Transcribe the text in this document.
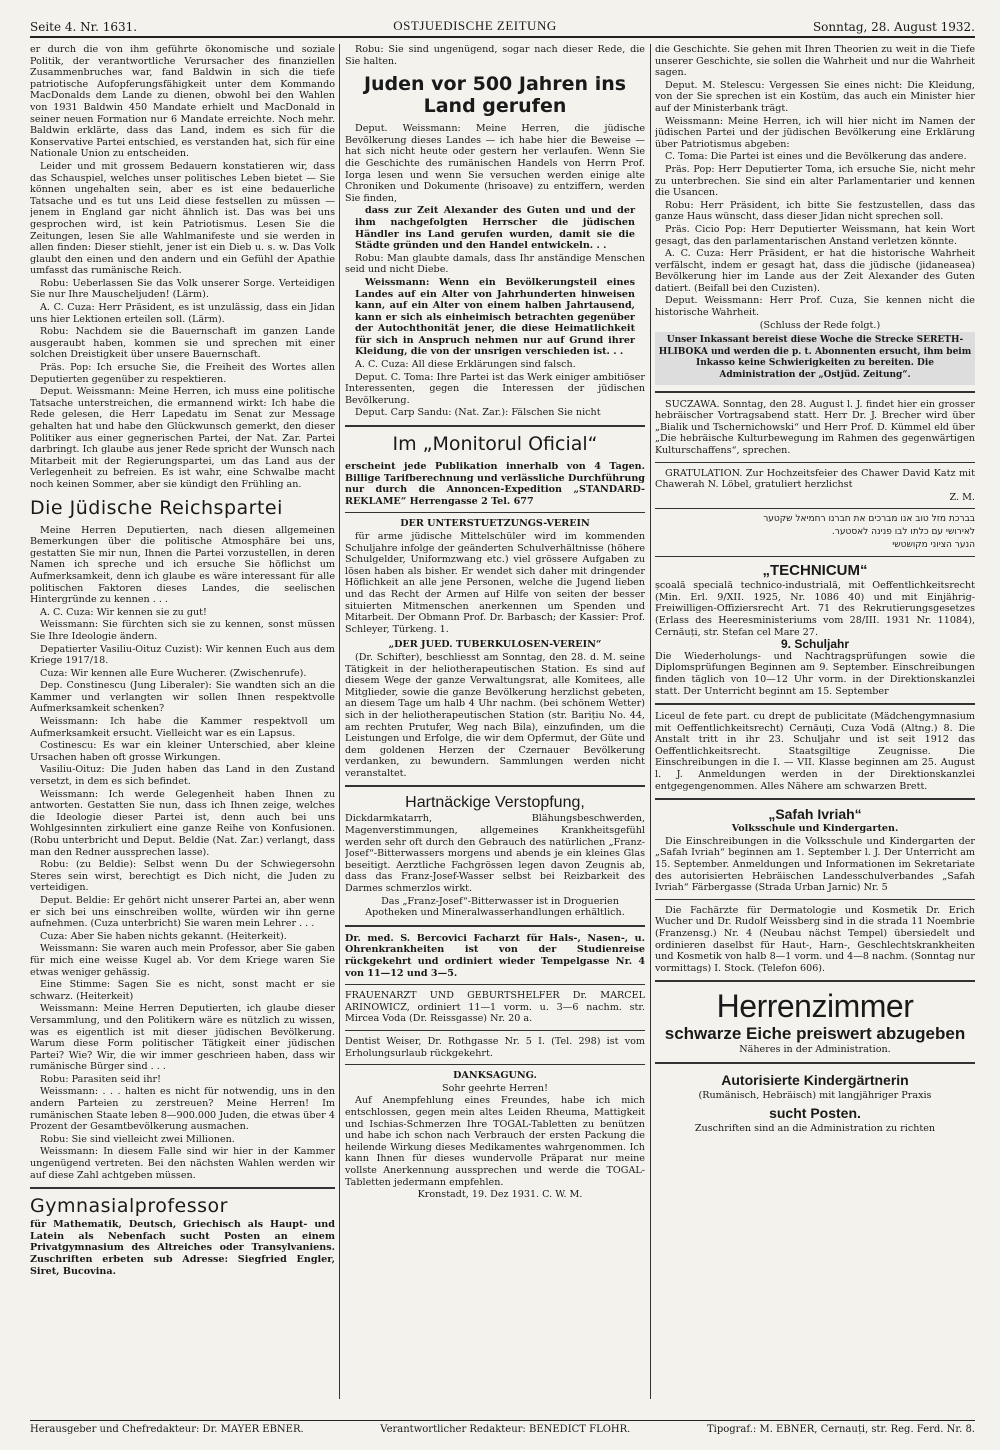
Seite 4. Nr. 1631.	OSTJUEDISCHE ZEITUNG	Sonntag, 28. August 1932.

er durch die von ihm geführte ökonomische und soziale Politik, der verantwortliche Verursacher des finanziellen Zusammenbruches war, fand Baldwin in sich die tiefe patriotische Aufopferungsfähigkeit unter dem Kommando MacDonalds dem Lande zu dienen, obwohl bei den Wahlen von 1931 Baldwin 450 Mandate erhielt und MacDonald in seiner neuen Formation nur 6 Mandate erreichte. Noch mehr. Baldwin erklärte, dass das Land, indem es sich für die Konservative Partei entschied, es verstanden hat, sich für eine Nationale Union zu entscheiden.

Leider und mit grossem Bedauern konstatieren wir, dass das Schauspiel, welches unser politisches Leben bietet — Sie können ungehalten sein, aber es ist eine bedauerliche Tatsache und es tut uns Leid diese festsellen zu müssen — jenem in England gar nicht ähnlich ist. Das was bei uns gesprochen wird, ist kein Patriotismus. Lesen Sie die Zeitungen, lesen Sie alle Wahlmanifeste und sie werden in allen finden: Dieser stiehlt, jener ist ein Dieb u. s. w. Das Volk glaubt den einen und den andern und ein Gefühl der Apathie umfasst das rumänische Reich.

Robu: Ueberlassen Sie das Volk unserer Sorge. Verteidigen Sie nur Ihre Mauscheljuden! (Lärm).

A. C. Cuza: Herr Präsident, es ist unzulässig, dass ein Jidan uns hier Lektionen erteilen soll. (Lärm).

Robu: Nachdem sie die Bauernschaft im ganzen Lande ausgeraubt haben, kommen sie und sprechen mit einer solchen Dreistigkeit über unsere Bauernschaft.

Präs. Pop: Ich ersuche Sie, die Freiheit des Wortes allen Deputierten gegenüber zu respektieren.

Deput. Weissmann: Meine Herren, ich muss eine politische Tatsache unterstreichen, die ermannend wirkt: Ich habe die Rede gelesen, die Herr Lapedatu im Senat zur Message gehalten hat und habe den Glückwunsch gemerkt, den dieser Politiker aus einer gegnerischen Partei, der Nat. Zar. Partei darbringt. Ich glaube aus jener Rede spricht der Wunsch nach Mitarbeit mit der Regierungspartei, um das Land aus der Verlegenheit zu befreien. Es ist wahr, eine Schwalbe macht noch keinen Sommer, aber sie kündigt den Frühling an.

Die Jüdische Reichspartei

Meine Herren Deputierten, nach diesen allgemeinen Bemerkungen über die politische Atmosphäre bei uns, gestatten Sie mir nun, Ihnen die Partei vorzustellen, in deren Namen ich spreche und ich ersuche Sie höflichst um Aufmerksamkeit, denn ich glaube es wäre interessant für alle politischen Faktoren dieses Landes, die seelischen Hintergründe zu kennen . . .

A. C. Cuza: Wir kennen sie zu gut!

Weissmann: Sie fürchten sich sie zu kennen, sonst müssen Sie Ihre Ideologie ändern.

Depatierter Vasiliu-Oituz Cuzist): Wir kennen Euch aus dem Kriege 1917/18.

Cuza: Wir kennen alle Eure Wucherer. (Zwischenrufe).

Dep. Constinescu (Jung Liberaler): Sie wandten sich an die Kammer und verlangten wir sollen Ihnen respektvolle Aufmerksamkeit schenken?

Weissmann: Ich habe die Kammer respektvoll um Aufmerksamkeit ersucht. Vielleicht war es ein Lapsus.

Costinescu: Es war ein kleiner Unterschied, aber kleine Ursachen haben oft grosse Wirkungen.

Vasiliu-Oituz: Die Juden haben das Land in den Zustand versetzt, in dem es sich befindet.

Weissmann: Ich werde Gelegenheit haben Ihnen zu antworten. Gestatten Sie nun, dass ich Ihnen zeige, welches die Ideologie dieser Partei ist, denn auch bei uns Wohlgesinnten zirkuliert eine ganze Reihe von Konfusionen. (Robu unterbricht und Deput. Beldie (Nat. Zar.) verlangt, dass man den Redner aussprechen lasse).

Robu: (zu Beldie): Selbst wenn Du der Schwiegersohn Steres sein wirst, berechtigt es Dich nicht, die Juden zu verteidigen.

Deput. Beldie: Er gehört nicht unserer Partei an, aber wenn er sich bei uns einschreiben wollte, würden wir ihn gerne aufnehmen. (Cuza unterbricht) Sie waren mein Lehrer . . .

Cuza: Aber Sie haben nichts gekannt. (Heiterkeit).

Weissmann: Sie waren auch mein Professor, aber Sie gaben für mich eine weisse Kugel ab. Vor dem Kriege waren Sie etwas weniger gehässig.

Eine Stimme: Sagen Sie es nicht, sonst macht er sie schwarz. (Heiterkeit)

Weissmann: Meine Herren Deputierten, ich glaube dieser Versammlung, und den Politikern wäre es nützlich zu wissen, was es eigentlich ist mit dieser jüdischen Bevölkerung. Warum diese Form politischer Tätigkeit einer jüdischen Partei? Wie? Wir, die wir immer geschrieen haben, dass wir rumänische Bürger sind . . .

Robu: Parasiten seid ihr!

Weissmann: . . . halten es nicht für notwendig, uns in den andern Parteien zu zerstreuen? Meine Herren! Im rumänischen Staate leben 8—900.000 Juden, die etwas über 4 Prozent der Gesamtbevölkerung ausmachen.

Robu: Sie sind vielleicht zwei Millionen.

Weissmann: In diesem Falle sind wir hier in der Kammer ungenügend vertreten. Bei den nächsten Wahlen werden wir auf diese Zahl achtgeben müssen.

Gymnasialprofessor

für Mathematik, Deutsch, Griechisch als Haupt- und Latein als Nebenfach sucht Posten an einem Privatgymnasium des Altreiches oder Transylvaniens. Zuschriften erbeten sub Adresse: Siegfried Engler, Siret, Bucovina.

Robu: Sie sind ungenügend, sogar nach dieser Rede, die Sie halten.

Juden vor 500 Jahren ins Land gerufen

Deput. Weissmann: Meine Herren, die jüdische Bevölkerung dieses Landes — ich habe hier die Beweise — hat sich nicht heute oder gestern her verlaufen. Wenn Sie die Geschichte des rumänischen Handels von Herrn Prof. Iorga lesen und wenn Sie versuchen werden einige alte Chroniken und Dokumente (hrisoave) zu entziffern, werden Sie finden,

dass zur Zeit Alexander des Guten und und der ihm nachgefolgten Herrscher die jüdischen Händler ins Land gerufen wurden, damit sie die Städte gründen und den Handel entwickeln. . .

Robu: Man glaubte damals, dass Ihr anständige Menschen seid und nicht Diebe.

Weissmann: Wenn ein Bevölkerungsteil eines Landes auf ein Alter von Jahrhunderten hinweisen kann, auf ein Alter von einem halben Jahrtausend, kann er sich als einheimisch betrachten gegenüber der Autochthonität jener, die diese Heimatlichkeit für sich in Anspruch nehmen nur auf Grund ihrer Kleidung, die von der unsrigen verschieden ist. . .

A. C. Cuza: All diese Erklärungen sind falsch.

Deput. C. Toma: Ihre Partei ist das Werk einiger ambitiöser Interessenten, gegen die Interessen der jüdischen Bevölkerung.

Deput. Carp Sandu: (Nat. Zar.): Fälschen Sie nicht

Im „Monitorul Oficial“

erscheint jede Publikation innerhalb von 4 Tagen. Billige Tarifberechnung und verlässliche Durchführung nur durch die Annoncen-Expedition „STANDARD-REKLAME“ Herrengasse 2 Tel. 677

DER UNTERSTUETZUNGS-VEREIN

für arme jüdische Mittelschüler wird im kommenden Schuljahre infolge der geänderten Schulverhältnisse (höhere Schulgelder, Uniformzwang etc.) viel grössere Aufgaben zu lösen haben als bisher. Er wendet sich daher mit dringender Höflichkeit an alle jene Personen, welche die Jugend lieben und das Recht der Armen auf Hilfe von seiten der besser situierten Mitmenschen anerkennen um Spenden und Mitarbeit. Der Obmann Prof. Dr. Barbasch; der Kassier: Prof. Schleyer, Türkeng. 1.

„DER JUED. TUBERKULOSEN-VEREIN“

(Dr. Schifter), beschliesst am Sonntag, den 28. d. M. seine Tätigkeit in der heliotherapeutischen Station. Es sind auf diesem Wege der ganze Verwaltungsrat, alle Komitees, alle Mitglieder, sowie die ganze Bevölkerung herzlichst gebeten, an diesem Tage um halb 4 Uhr nachm. (bei schönem Wetter) sich in der heliotherapeutischen Station (str. Barițiu No. 44, am rechten Prutufer, Weg nach Bila), einzufinden, um die Leistungen und Erfolge, die wir dem Opfermut, der Güte und dem goldenen Herzen der Czernauer Bevölkerung verdanken, zu bewundern. Sammlungen werden nicht veranstaltet.

Hartnäckige Verstopfung,

Dickdarmkatarrh, Blähungsbeschwerden, Magenverstimmungen, allgemeines Krankheitsgefühl werden sehr oft durch den Gebrauch des natürlichen „Franz-Josef“-Bitterwassers morgens und abends je ein kleines Glas beseitigt. Aerztliche Fachgrössen legen davon Zeugnis ab, dass das Franz-Josef-Wasser selbst bei Reizbarkeit des Darmes schmerzlos wirkt.

Das „Franz-Josef“-Bitterwasser ist in Droguerien Apotheken und Mineralwasserhandlungen erhältlich.

Dr. med. S. Bercovici Facharzt für Hals-, Nasen-, u. Ohrenkrankheiten ist von der Studienreise rückgekehrt und ordiniert wieder Tempelgasse Nr. 4 von 11—12 und 3—5.

FRAUENARZT UND GEBURTSHELFER Dr. MARCEL ARINOWICZ, ordiniert 11—1 vorm. u. 3—6 nachm. str. Mircea Voda (Dr. Reissgasse) Nr. 20 a.

Dentist Weiser, Dr. Rothgasse Nr. 5 I. (Tel. 298) ist vom Erholungsurlaub rückgekehrt.

DANKSAGUNG.

Sohr geehrte Herren!

Auf Anempfehlung eines Freundes, habe ich mich entschlossen, gegen mein altes Leiden Rheuma, Mattigkeit und Ischias-Schmerzen Ihre TOGAL-Tabletten zu benützen und habe ich schon nach Verbrauch der ersten Packung die heilende Wirkung dieses Medikamentes wahrgenommen. Ich kann Ihnen für dieses wundervolle Präparat nur meine vollste Anerkennung aussprechen und werde die TOGAL-Tabletten jedermann empfehlen.

Kronstadt, 19. Dez 1931. C. W. M.

die Geschichte. Sie gehen mit Ihren Theorien zu weit in die Tiefe unserer Geschichte, sie sollen die Wahrheit und nur die Wahrheit sagen.

Deput. M. Stelescu: Vergessen Sie eines nicht: Die Kleidung, von der Sie sprechen ist ein Kostüm, das auch ein Minister hier auf der Ministerbank trägt.

Weissmann: Meine Herren, ich will hier nicht im Namen der jüdischen Partei und der jüdischen Bevölkerung eine Erklärung über Patriotismus abgeben:

C. Toma: Die Partei ist eines und die Bevölkerung das andere.

Präs. Pop: Herr Deputierter Toma, ich ersuche Sie, nicht mehr zu unterbrechen. Sie sind ein alter Parlamentarier und kennen die Usancen.

Robu: Herr Präsident, ich bitte Sie festzustellen, dass das ganze Haus wünscht, dass dieser Jidan nicht sprechen soll.

Präs. Cicio Pop: Herr Deputierter Weissmann, hat kein Wort gesagt, das den parlamentarischen Anstand verletzen könnte.

A. C. Cuza: Herr Präsident, er hat die historische Wahrheit verfälscht, indem er gesagt hat, dass die jüdische (jidaneasea) Bevölkerung hier im Lande aus der Zeit Alexander des Guten datiert. (Beifall bei den Cuzisten).

Deput. Weissmann: Herr Prof. Cuza, Sie kennen nicht die historische Wahrheit.

(Schluss der Rede folgt.)

Unser Inkassant bereist diese Woche die Strecke SERETH-HLIBOKA und werden die p. t. Abonnenten ersucht, ihm beim Inkasso keine Schwierigkeiten zu bereiten. Die Administration der „Ostjüd. Zeitung“.

SUCZAWA. Sonntag, den 28. August l. J. findet hier ein grosser hebräischer Vortragsabend statt. Herr Dr. J. Brecher wird über „Bialik und Tschernichowski“ und Herr Prof. D. Kümmel eld über „Die hebräische Kulturbewegung im Rahmen des gegenwärtigen Kulturschaffens“, sprechen.

GRATULATION. Zur Hochzeitsfeier des Chawer David Katz mit Chawerah N. Löbel, gratuliert herzlichst

Z. M.

בברכת מזל טוב אנו מברכים את חברנו רחמיאל שקטער

לאירושי עם כלתו לבו פנינה לאסטער.

הנער הציוני מקושטשי

„TECHNICUM“

școală specială technico-industrială, mit Oeffentlichkeitsrecht (Min. Erl. 9/XII. 1925, Nr. 1086 40) und mit Einjährig-Freiwilligen-Offiziersrecht Art. 71 des Rekrutierungsgesetzes (Erlass des Heeresministeriums vom 28/III. 1931 Nr. 11084), Cernăuți, str. Stefan cel Mare 27.

9. Schuljahr

Die Wiederholungs- und Nachtragsprüfungen sowie die Diplomsprüfungen Beginnen am 9. September. Einschreibungen finden täglich von 10—12 Uhr vorm. in der Direktionskanzlei statt. Der Unterricht beginnt am 15. September

Liceul de fete part. cu drept de publicitate (Mädchengymnasium mit Oeffentlichkeitsrecht) Cernăuți, Cuza Vodă (Altng.) 8. Die Anstalt tritt in ihr 23. Schuljahr und ist seit 1912 das Oeffentlichkeitsrecht. Staatsgiltige Zeugnisse. Die Einschreibungen in die I. — VII. Klasse beginnen am 25. August l. J. Anmeldungen werden in der Direktionskanzlei entgegengenommen. Alles Nähere am schwarzen Brett.

„Safah Ivriah“

Volksschule und Kindergarten.

Die Einschreibungen in die Volksschule und Kindergarten der „Safah Ivriah“ beginnen am 1. September l. J. Der Unterricht am 15. September. Anmeldungen und Informationen im Sekretariate des autorisierten Hebräischen Landesschulverbandes „Safah Ivriah“ Färbergasse (Strada Urban Jarnic) Nr. 5

Die Fachärzte für Dermatologie und Kosmetik Dr. Erich Wucher und Dr. Rudolf Weissberg sind in die strada 11 Noembrie (Franzensg.) Nr. 4 (Neubau nächst Tempel) übersiedelt und ordinieren daselbst für Haut-, Harn-, Geschlechtskrankheiten und Kosmetik von halb 8—1 vorm. und 4—8 nachm. (Sonntag nur vormittags) I. Stock. (Telefon 606).

Herrenzimmer
schwarze Eiche preiswert abzugeben

Näheres in der Administration.

Autorisierte Kindergärtnerin

(Rumänisch, Hebräisch) mit langjähriger Praxis

sucht Posten.

Zuschriften sind an die Administration zu richten

Herausgeber und Chefredakteur: Dr. MAYER EBNER.	Verantwortlicher Redakteur: BENEDICT FLOHR.	Tipograf.: M. EBNER, Cernauți, str. Reg. Ferd. Nr. 8.
